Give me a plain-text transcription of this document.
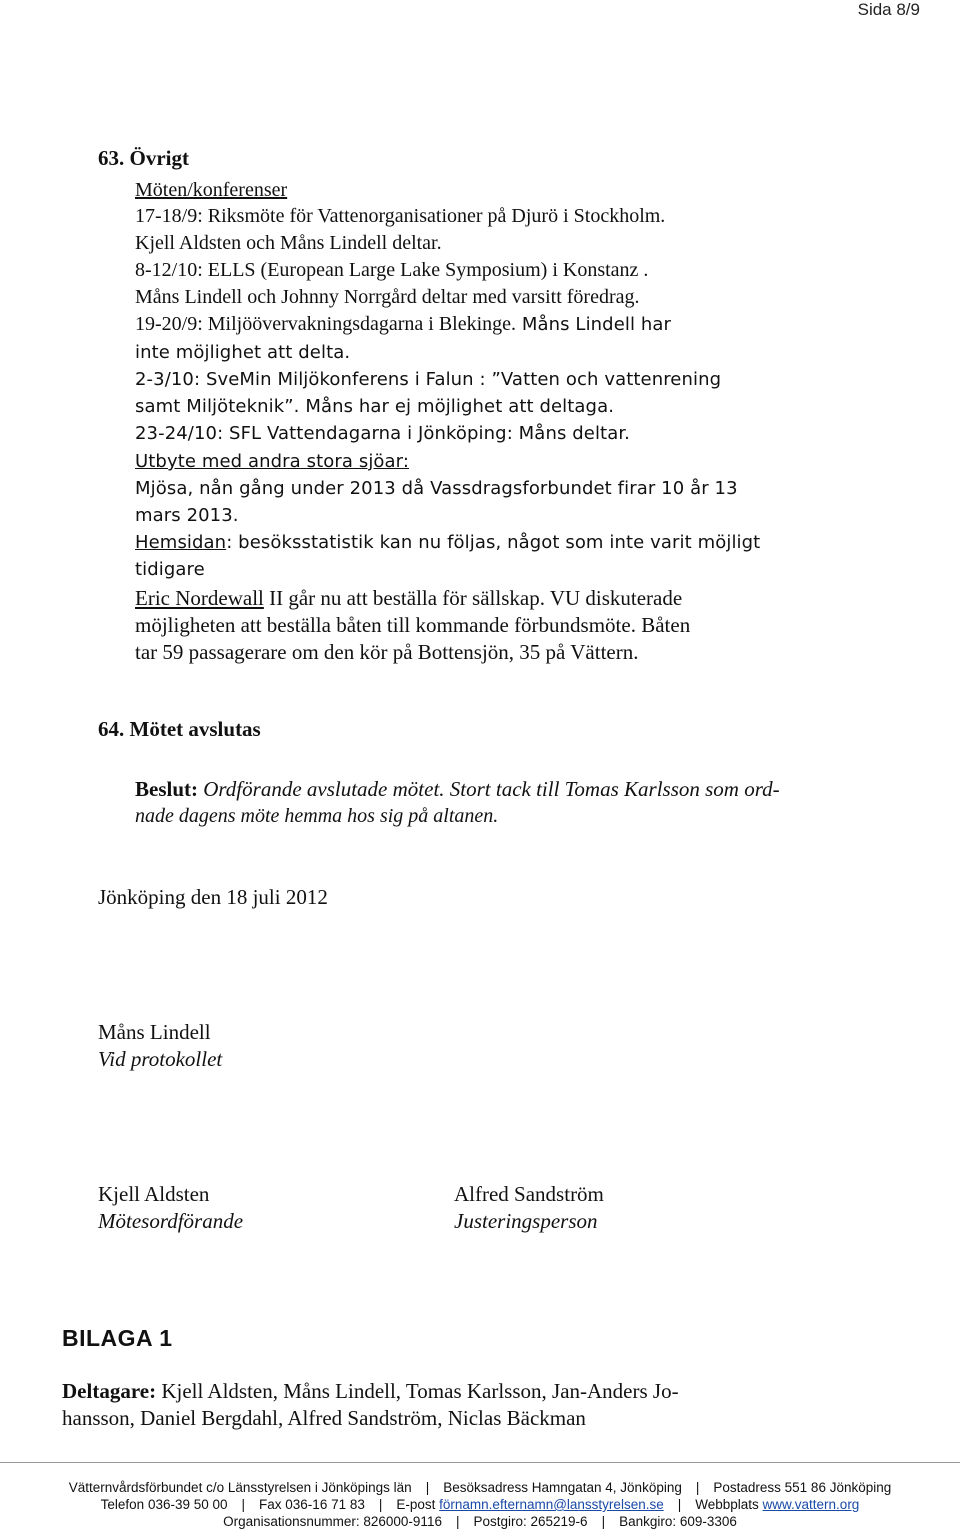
Sida 8/9
63. Övrigt
Möten/konferenser
17-18/9: Riksmöte för Vattenorganisationer på Djurö i Stockholm.
Kjell Aldsten och Måns Lindell deltar.
8-12/10: ELLS (European Large Lake Symposium) i Konstanz .
Måns Lindell och Johnny Norrgård deltar med varsitt föredrag.
19-20/9: Miljöövervakningsdagarna i Blekinge. Måns Lindell har
inte möjlighet att delta.
2-3/10: SveMin Miljökonferens i Falun : ”Vatten och vattenrening
samt Miljöteknik”. Måns har ej möjlighet att deltaga.
23-24/10: SFL Vattendagarna i Jönköping: Måns deltar.
Utbyte med andra stora sjöar:
Mjösa, nån gång under 2013 då Vassdragsforbundet firar 10 år 13
mars 2013.
Hemsidan: besöksstatistik kan nu följas, något som inte varit möjligt
tidigare
Eric Nordewall II går nu att beställa för sällskap. VU diskuterade
möjligheten att beställa båten till kommande förbundsmöte. Båten
tar 59 passagerare om den kör på Bottensjön, 35 på Vättern.
64. Mötet avslutas
Beslut: Ordförande avslutade mötet. Stort tack till Tomas Karlsson som ord-
nade dagens möte hemma hos sig på altanen.
Jönköping den 18 juli 2012
Måns Lindell
Vid protokollet
Kjell Aldsten
Mötesordförande
Alfred Sandström
Justeringsperson
BILAGA 1
Deltagare: Kjell Aldsten, Måns Lindell, Tomas Karlsson, Jan-Anders Jo-
hansson, Daniel Bergdahl, Alfred Sandström, Niclas Bäckman
Vätternvårdsförbundet c/o Länsstyrelsen i Jönköpings län | Besöksadress Hamngatan 4, Jönköping | Postadress 551 86 Jönköping
Telefon 036-39 50 00 | Fax 036-16 71 83 | E-post förnamn.efternamn@lansstyrelsen.se | Webbplats www.vattern.org
Organisationsnummer: 826000-9116 | Postgiro: 265219-6 | Bankgiro: 609-3306
